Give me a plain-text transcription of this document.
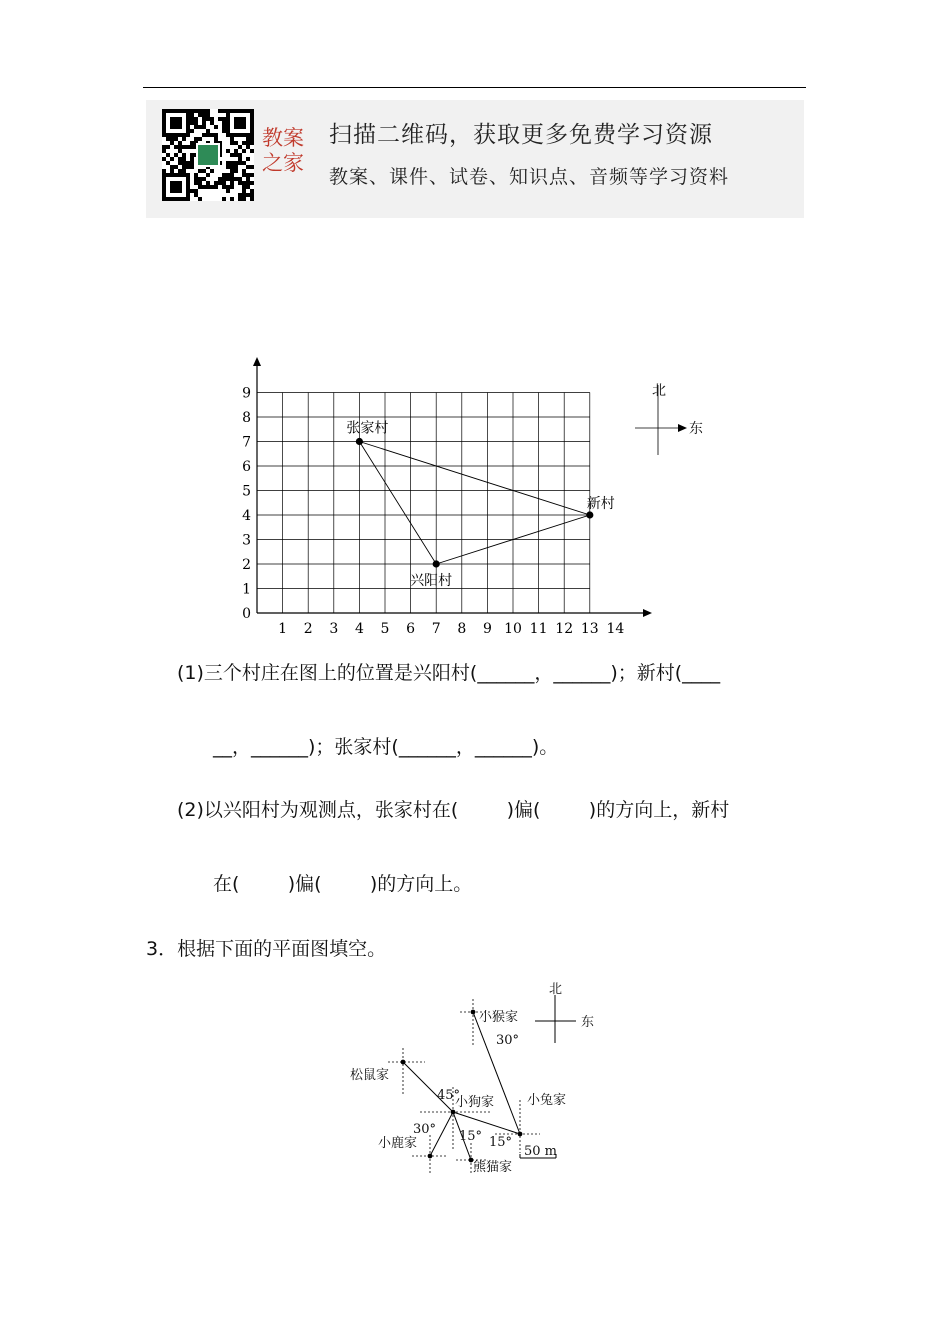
教案之家
扫描二维码，获取更多免费学习资源
教案、课件、试卷、知识点、音频等学习资料
1 2 3 4 5 6 7 8 9 10 11 12 13 14
0
1
2
3
4
5
6
7
8
9
张家村
新村
兴阳村
北
东
(1)三个村庄在图上的位置是兴阳村(______，______)；新村(____
__，______)；张家村(______，______)。
(2)以兴阳村为观测点，张家村在(        )偏(        )的方向上，新村
在(        )偏(        )的方向上。
3．根据下面的平面图填空。
北
东
小猴家
松鼠家
小狗家	小兔家
小鹿家
熊猫家
30°
45°
30° 15° 15°
50 m
